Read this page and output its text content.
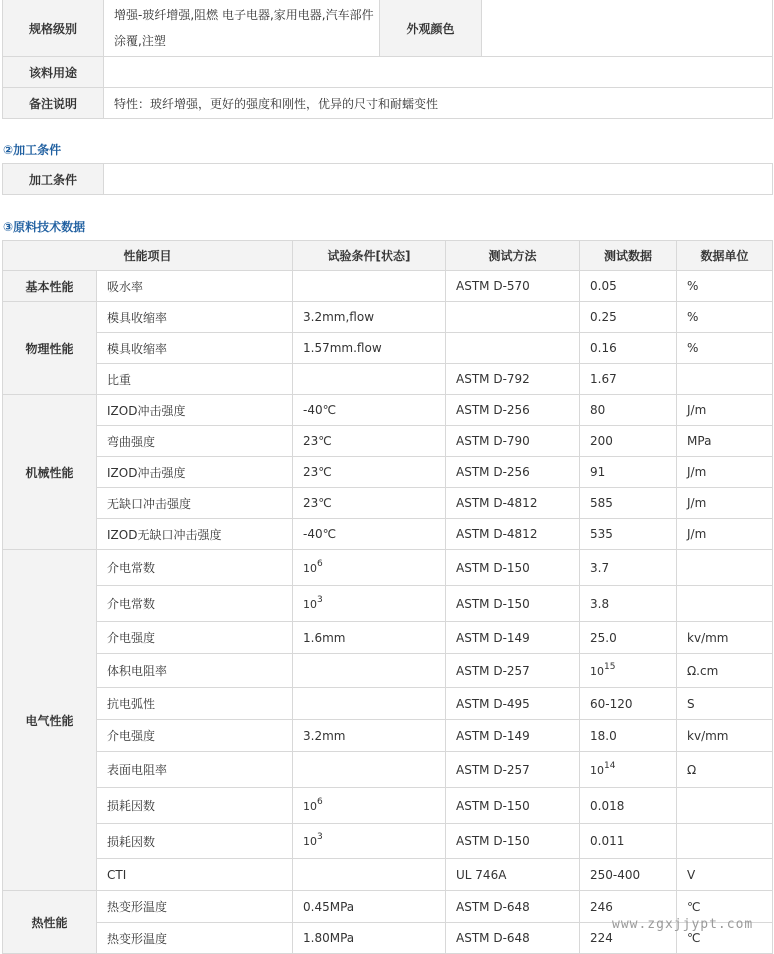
规格级别	增强-玻纤增强,阻燃 电子电器,家用电器,汽车部件 涂覆,注塑	外观颜色	
该料用途			
备注说明	特性：玻纤增强，更好的强度和刚性，优异的尺寸和耐蠕变性		
②加工条件
加工条件	
③原料技术数据
性能项目		试验条件[状态]	测试方法	测试数据	数据单位
基本性能	吸水率		ASTM D-570	0.05	%
物理性能	模具收缩率	3.2mm,flow		0.25	%
	模具收缩率	1.57mm.flow		0.16	%
	比重		ASTM D-792	1.67	
机械性能	IZOD冲击强度	-40℃	ASTM D-256	80	J/m
	弯曲强度	23℃	ASTM D-790	200	MPa
	IZOD冲击强度	23℃	ASTM D-256	91	J/m
	无缺口冲击强度	23℃	ASTM D-4812	585	J/m
	IZOD无缺口冲击强度	-40℃	ASTM D-4812	535	J/m
电气性能	介电常数	$10^6$	ASTM D-150	3.7	
	介电常数	$10^3$	ASTM D-150	3.8	
	介电强度	1.6mm	ASTM D-149	25.0	kv/mm
	体积电阻率		ASTM D-257	$10^{15}$	Ω.cm
	抗电弧性		ASTM D-495	60-120	S
	介电强度	3.2mm	ASTM D-149	18.0	kv/mm
	表面电阻率		ASTM D-257	$10^{14}$	Ω
	损耗因数	$10^6$	ASTM D-150	0.018	
	损耗因数	$10^3$	ASTM D-150	0.011	
	CTI		UL 746A	250-400	V
热性能	热变形温度	0.45MPa	ASTM D-648	246	℃
	热变形温度	1.80MPa	ASTM D-648	224	℃
www.zgxjjypt.com
